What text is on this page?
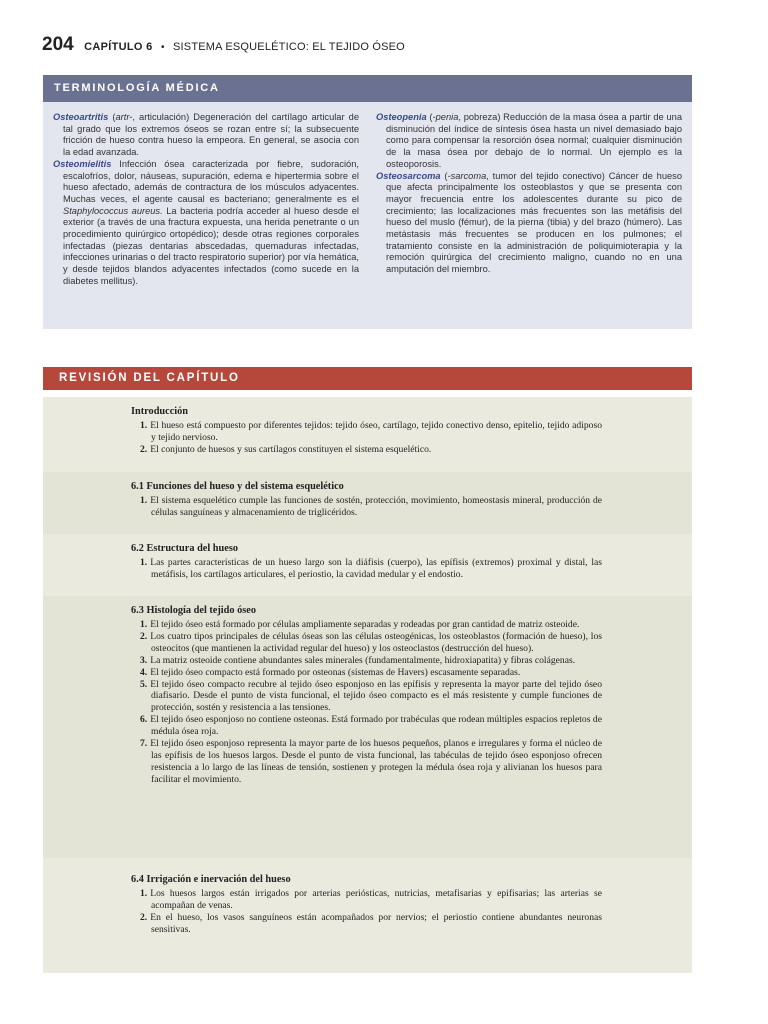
204 CAPÍTULO 6 • SISTEMA ESQUELÉTICO: EL TEJIDO ÓSEO
TERMINOLOGÍA MÉDICA

Osteoartritis (artr-, articulación) Degeneración del cartílago articular de tal grado que los extremos óseos se rozan entre sí; la subsecuente fricción de hueso contra hueso la empeora. En general, se asocia con la edad avanzada.

Osteomielitis Infección ósea caracterizada por fiebre, sudoración, escalofríos, dolor, náuseas, supuración, edema e hipertermia sobre el hueso afectado, además de contractura de los músculos adyacentes. Muchas veces, el agente causal es bacteriano; generalmente es el Staphylococcus aureus. La bacteria podría acceder al hueso desde el exterior (a través de una fractura expuesta, una herida penetrante o un procedimiento quirúrgico ortopédico); desde otras regiones corporales infectadas (piezas dentarias abscedadas, quemaduras infectadas, infecciones urinarias o del tracto respiratorio superior) por vía hemática, y desde tejidos blandos adyacentes infectados (como sucede en la diabetes mellitus).

Osteopenia (-penia, pobreza) Reducción de la masa ósea a partir de una disminución del índice de síntesis ósea hasta un nivel demasiado bajo como para compensar la resorción ósea normal; cualquier disminución de la masa ósea por debajo de lo normal. Un ejemplo es la osteoporosis.

Osteosarcoma (-sarcoma, tumor del tejido conectivo) Cáncer de hueso que afecta principalmente los osteoblastos y que se presenta con mayor frecuencia entre los adolescentes durante su pico de crecimiento; las localizaciones más frecuentes son las metáfisis del hueso del muslo (fémur), de la pierna (tibia) y del brazo (húmero). Las metástasis más frecuentes se producen en los pulmones; el tratamiento consiste en la administración de poliquimioterapia y la remoción quirúrgica del crecimiento maligno, cuando no en una amputación del miembro.

REVISIÓN DEL CAPÍTULO
Introducción
1. El hueso está compuesto por diferentes tejidos: tejido óseo, cartílago, tejido conectivo denso, epitelio, tejido adiposo y tejido nervioso.
2. El conjunto de huesos y sus cartílagos constituyen el sistema esquelético.
6.1 Funciones del hueso y del sistema esquelético
1. El sistema esquelético cumple las funciones de sostén, protección, movimiento, homeostasis mineral, producción de células sanguíneas y almacenamiento de triglicéridos.
6.2 Estructura del hueso
1. Las partes características de un hueso largo son la diáfisis (cuerpo), las epífisis (extremos) proximal y distal, las metáfisis, los cartílagos articulares, el periostio, la cavidad medular y el endostio.
6.3 Histología del tejido óseo
1. El tejido óseo está formado por células ampliamente separadas y rodeadas por gran cantidad de matriz osteoide.
2. Los cuatro tipos principales de células óseas son las células osteogénicas, los osteoblastos (formación de hueso), los osteocitos (que mantienen la actividad regular del hueso) y los osteoclastos (destrucción del hueso).
3. La matriz osteoide contiene abundantes sales minerales (fundamentalmente, hidroxiapatita) y fibras colágenas.
4. El tejido óseo compacto está formado por osteonas (sistemas de Havers) escasamente separadas.
5. El tejido óseo compacto recubre al tejido óseo esponjoso en las epífisis y representa la mayor parte del tejido óseo diafisario. Desde el punto de vista funcional, el tejido óseo compacto es el más resistente y cumple funciones de protección, sostén y resistencia a las tensiones.
6. El tejido óseo esponjoso no contiene osteonas. Está formado por trabéculas que rodean múltiples espacios repletos de médula ósea roja.
7. El tejido óseo esponjoso representa la mayor parte de los huesos pequeños, planos e irregulares y forma el núcleo de las epífisis de los huesos largos. Desde el punto de vista funcional, las tabéculas de tejido óseo esponjoso ofrecen resistencia a lo largo de las líneas de tensión, sostienen y protegen la médula ósea roja y alivianan los huesos para facilitar el movimiento.
6.4 Irrigación e inervación del hueso
1. Los huesos largos están irrigados por arterias periósticas, nutricias, metafisarias y epifisarias; las arterias se acompañan de venas.
2. En el hueso, los vasos sanguíneos están acompañados por nervios; el periostio contiene abundantes neuronas sensitivas.
